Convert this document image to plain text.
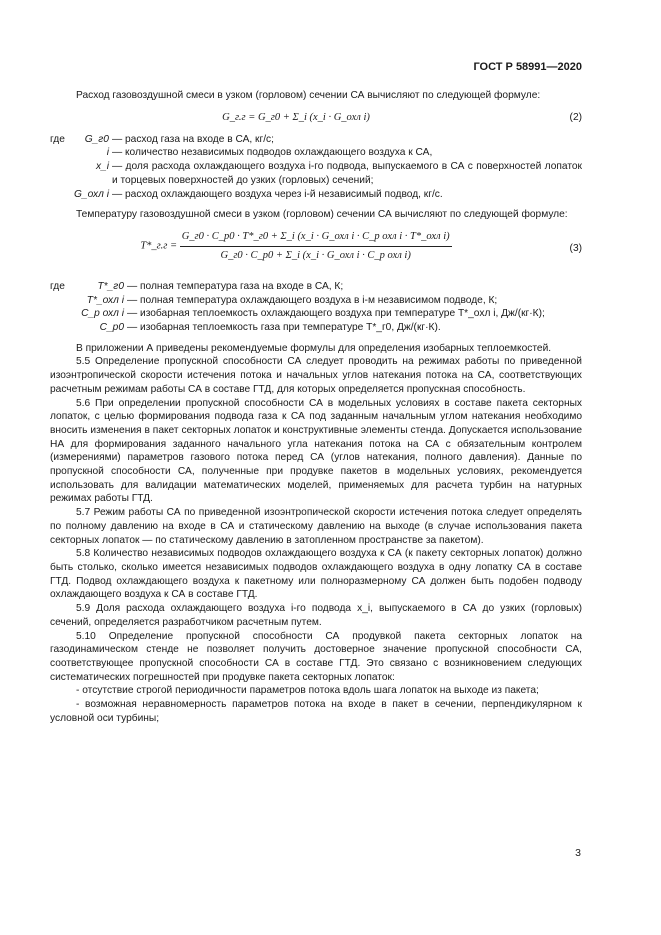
ГОСТ Р 58991—2020

Расход газовоздушной смеси в узком (горловом) сечении СА вычисляют по следующей формуле:

G_г.г = G_г0 + Σ_i (x_i · G_охл i)	(2)
где	G_г0	— расход газа на входе в СА, кг/с;
	i	— количество независимых подводов охлаждающего воздуха к СА,
	x_i	— доля расхода охлаждающего воздуха i-го подвода, выпускаемого в СА с поверхностей лопаток и торцевых поверхностей до узких (горловых) сечений;
	G_охл i	— расход охлаждающего воздуха через i-й независимый подвод, кг/с.

Температуру газовоздушной смеси в узком (горловом) сечении СА вычисляют по следующей формуле:

T*_г.г =
G_г0 · C_р0 · T*_г0 + Σ_i (x_i · G_охл i · C_р охл i · T*_охл i)
G_г0 · C_р0 + Σ_i (x_i · G_охл i · C_р охл i)
(3)
где	T*_г0	— полная температура газа на входе в СА, К;
	T*_охл i	— полная температура охлаждающего воздуха в i-м независимом подводе, К;
	C_р охл i	— изобарная теплоемкость охлаждающего воздуха при температуре T*_охл i, Дж/(кг·К);
	C_р0	— изобарная теплоемкость газа при температуре T*_г0, Дж/(кг·К).

В приложении А приведены рекомендуемые формулы для определения изобарных теплоемкостей.

5.5 Определение пропускной способности СА следует проводить на режимах работы по приведенной изоэнтропической скорости истечения потока и начальных углов натекания потока на СА, соответствующих расчетным режимам работы СА в составе ГТД, для которых определяется пропускная способность.

5.6 При определении пропускной способности СА в модельных условиях в составе пакета секторных лопаток, с целью формирования подвода газа к СА под заданным начальным углом натекания необходимо вносить изменения в пакет секторных лопаток и конструктивные элементы стенда. Допускается использование НА для формирования заданного начального угла натекания потока на СА с обязательным контролем (измерениями) параметров газового потока перед СА (углов натекания, полного давления). Данные по пропускной способности СА, полученные при продувке пакетов в модельных условиях, рекомендуется использовать для валидации математических моделей, применяемых для расчета турбин на натурных режимах работы ГТД.

5.7 Режим работы СА по приведенной изоэнтропической скорости истечения потока следует определять по полному давлению на входе в СА и статическому давлению на выходе (в случае использования пакета секторных лопаток — по статическому давлению в затопленном пространстве за пакетом).

5.8 Количество независимых подводов охлаждающего воздуха к СА (к пакету секторных лопаток) должно быть столько, сколько имеется независимых подводов охлаждающего воздуха в одну лопатку СА в составе ГТД. Подвод охлаждающего воздуха к пакетному или полноразмерному СА должен быть подобен подводу охлаждающего воздуха к СА в составе ГТД.

5.9 Доля расхода охлаждающего воздуха i-го подвода x_i, выпускаемого в СА до узких (горловых) сечений, определяется разработчиком расчетным путем.

5.10 Определение пропускной способности СА продувкой пакета секторных лопаток на газодинамическом стенде не позволяет получить достоверное значение пропускной способности СА, соответствующее пропускной способности СА в составе ГТД. Это связано с возникновением следующих систематических погрешностей при продувке пакета секторных лопаток:

- отсутствие строгой периодичности параметров потока вдоль шага лопаток на выходе из пакета;

- возможная неравномерность параметров потока на входе в пакет в сечении, перпендикулярном к условной оси турбины;

3
